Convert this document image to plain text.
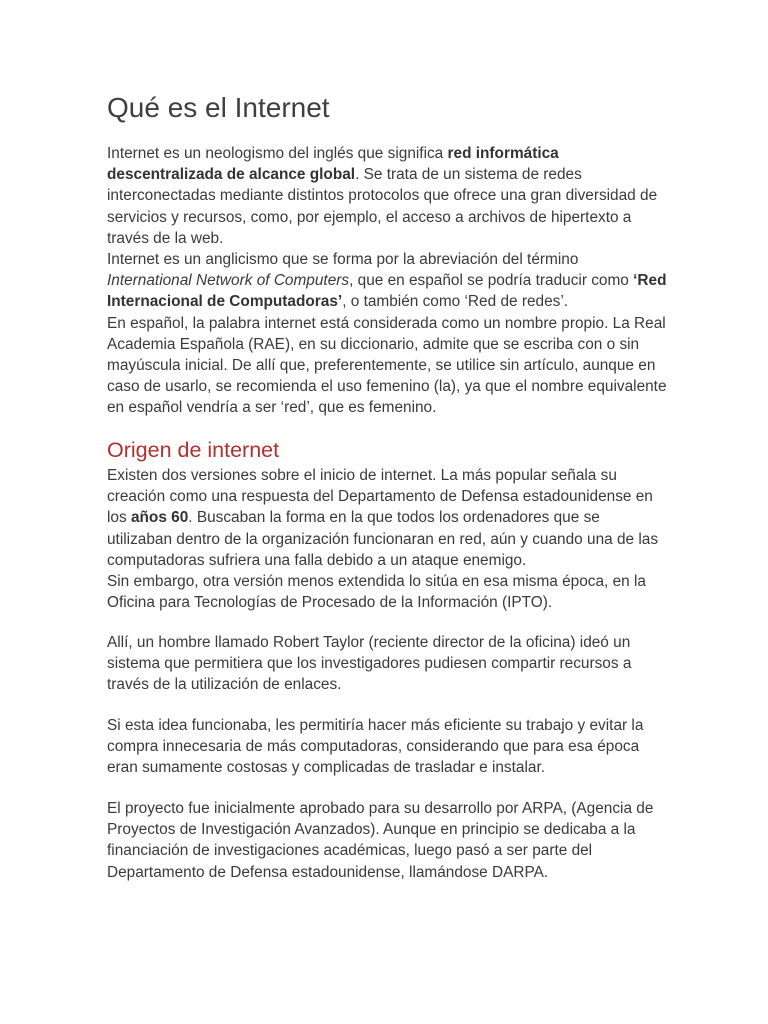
Qué es el Internet

Internet es un neologismo del inglés que significa red informática descentralizada de alcance global. Se trata de un sistema de redes interconectadas mediante distintos protocolos que ofrece una gran diversidad de servicios y recursos, como, por ejemplo, el acceso a archivos de hipertexto a través de la web.

Internet es un anglicismo que se forma por la abreviación del término International Network of Computers, que en español se podría traducir como ‘Red Internacional de Computadoras’, o también como ‘Red de redes’.

En español, la palabra internet está considerada como un nombre propio. La Real Academia Española (RAE), en su diccionario, admite que se escriba con o sin mayúscula inicial. De allí que, preferentemente, se utilice sin artículo, aunque en caso de usarlo, se recomienda el uso femenino (la), ya que el nombre equivalente en español vendría a ser ‘red’, que es femenino.

Origen de internet

Existen dos versiones sobre el inicio de internet. La más popular señala su creación como una respuesta del Departamento de Defensa estadounidense en los años 60. Buscaban la forma en la que todos los ordenadores que se utilizaban dentro de la organización funcionaran en red, aún y cuando una de las computadoras sufriera una falla debido a un ataque enemigo.

Sin embargo, otra versión menos extendida lo sitúa en esa misma época, en la Oficina para Tecnologías de Procesado de la Información (IPTO).

Allí, un hombre llamado Robert Taylor (reciente director de la oficina) ideó un sistema que permitiera que los investigadores pudiesen compartir recursos a través de la utilización de enlaces.

Si esta idea funcionaba, les permitiría hacer más eficiente su trabajo y evitar la compra innecesaria de más computadoras, considerando que para esa época eran sumamente costosas y complicadas de trasladar e instalar.

El proyecto fue inicialmente aprobado para su desarrollo por ARPA, (Agencia de Proyectos de Investigación Avanzados). Aunque en principio se dedicaba a la financiación de investigaciones académicas, luego pasó a ser parte del Departamento de Defensa estadounidense, llamándose DARPA.
